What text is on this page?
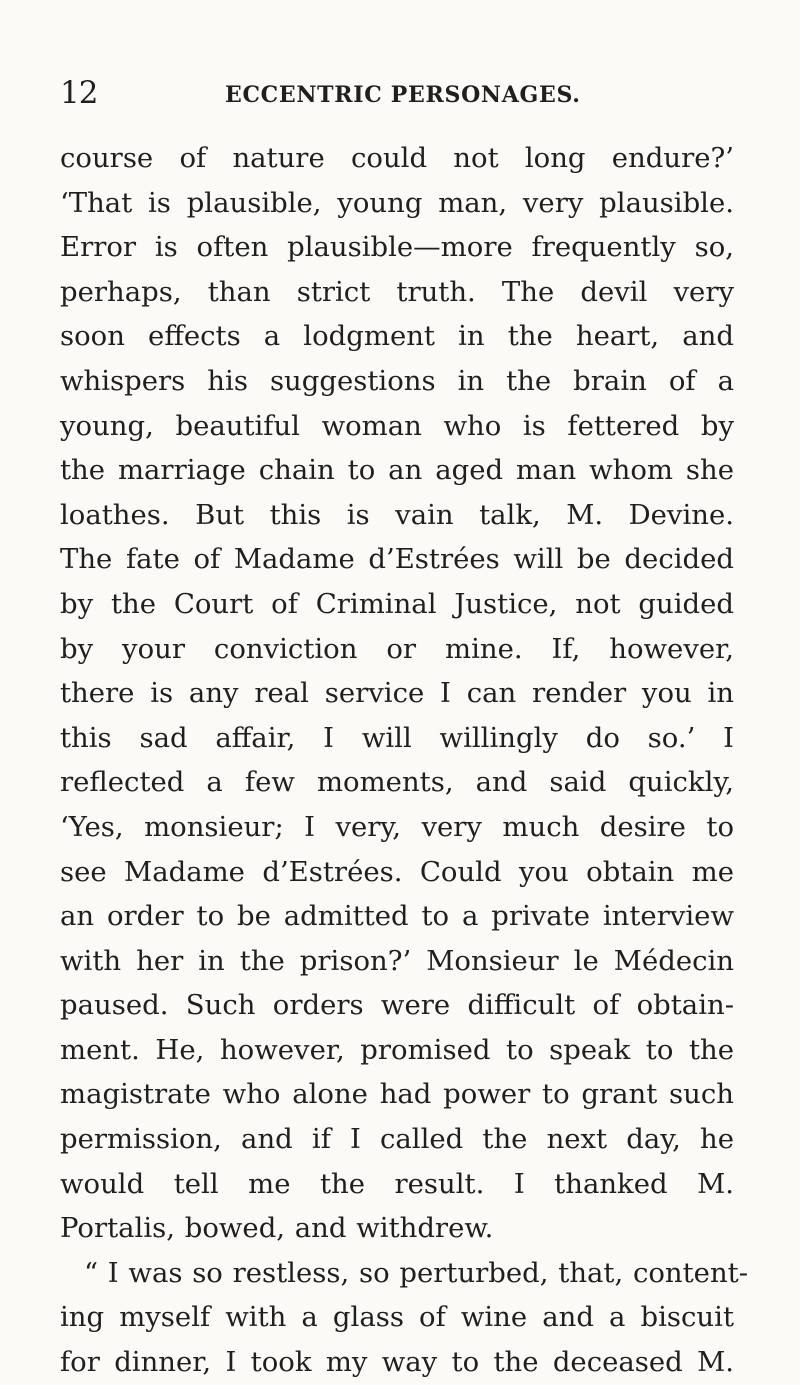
12	ECCENTRIC PERSONAGES.
course of nature could not long endure?’
‘That is plausible, young man, very plausible.
Error is often plausible—more frequently so,
perhaps, than strict truth. The devil very
soon effects a lodgment in the heart, and
whispers his suggestions in the brain of a
young, beautiful woman who is fettered by
the marriage chain to an aged man whom she
loathes. But this is vain talk, M. Devine.
The fate of Madame d’Estrées will be decided
by the Court of Criminal Justice, not guided
by your conviction or mine. If, however,
there is any real service I can render you in
this sad affair, I will willingly do so.’ I
reflected a few moments, and said quickly,
‘Yes, monsieur; I very, very much desire to
see Madame d’Estrées. Could you obtain me
an order to be admitted to a private interview
with her in the prison?’ Monsieur le Médecin
paused. Such orders were difficult of obtain-
ment. He, however, promised to speak to the
magistrate who alone had power to grant such
permission, and if I called the next day, he
would tell me the result. I thanked M.
Portalis, bowed, and withdrew.
“ I was so restless, so perturbed, that, content-
ing myself with a glass of wine and a biscuit
for dinner, I took my way to the deceased M.
